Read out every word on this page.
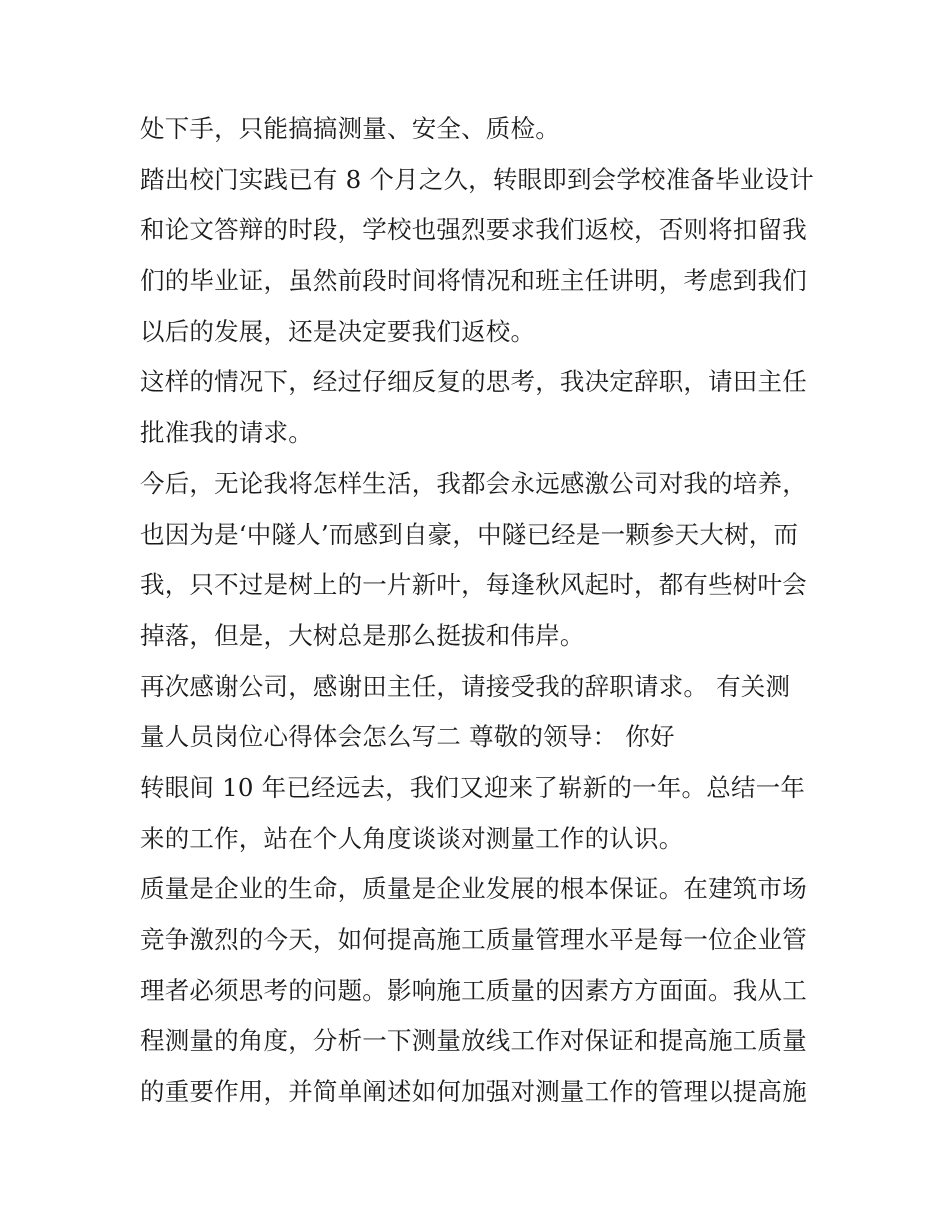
处下手，只能搞搞测量、安全、质检。
踏出校门实践已有 8 个月之久，转眼即到会学校准备毕业设计
和论文答辩的时段，学校也强烈要求我们返校，否则将扣留我
们的毕业证，虽然前段时间将情况和班主任讲明，考虑到我们
以后的发展，还是决定要我们返校。
这样的情况下，经过仔细反复的思考，我决定辞职，请田主任
批准我的请求。
今后，无论我将怎样生活，我都会永远感激公司对我的培养，
也因为是‘中隧人’而感到自豪，中隧已经是一颗参天大树，而
我，只不过是树上的一片新叶，每逢秋风起时，都有些树叶会
掉落，但是，大树总是那么挺拔和伟岸。
再次感谢公司，感谢田主任，请接受我的辞职请求。 有关测
量人员岗位心得体会怎么写二 尊敬的领导： 你好
转眼间 10 年已经远去，我们又迎来了崭新的一年。总结一年
来的工作，站在个人角度谈谈对测量工作的认识。
质量是企业的生命，质量是企业发展的根本保证。在建筑市场
竞争激烈的今天，如何提高施工质量管理水平是每一位企业管
理者必须思考的问题。影响施工质量的因素方方面面。我从工
程测量的角度，分析一下测量放线工作对保证和提高施工质量
的重要作用，并简单阐述如何加强对测量工作的管理以提高施
